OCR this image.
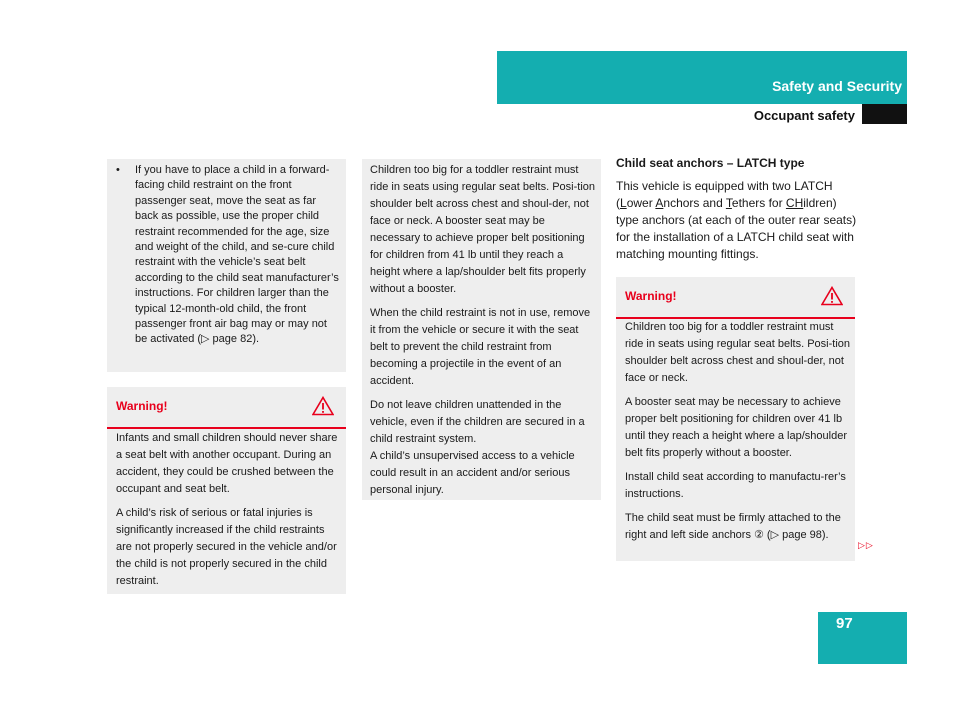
Safety and Security
Occupant safety
• If you have to place a child in a forward-facing child restraint on the front passenger seat, move the seat as far back as possible, use the proper child restraint recommended for the age, size and weight of the child, and se-cure child restraint with the vehicle’s seat belt according to the child seat manufacturer’s instructions. For children larger than the typical 12-month-old child, the front passenger front air bag may or may not be activated (▷ page 82).
Warning!

Infants and small children should never share a seat belt with another occupant. During an accident, they could be crushed between the occupant and seat belt.

A child’s risk of serious or fatal injuries is significantly increased if the child restraints are not properly secured in the vehicle and/or the child is not properly secured in the child restraint.

Children too big for a toddler restraint must ride in seats using regular seat belts. Posi-tion shoulder belt across chest and shoul-der, not face or neck. A booster seat may be necessary to achieve proper belt positioning for children from 41 lb until they reach a height where a lap/shoulder belt fits properly without a booster.

When the child restraint is not in use, remove it from the vehicle or secure it with the seat belt to prevent the child restraint from becoming a projectile in the event of an accident.

Do not leave children unattended in the vehicle, even if the children are secured in a child restraint system.

A child’s unsupervised access to a vehicle could result in an accident and/or serious personal injury.

Child seat anchors – LATCH type
This vehicle is equipped with two LATCH (Lower Anchors and Tethers for CHildren) type anchors (at each of the outer rear seats) for the installation of a LATCH child seat with matching mounting fittings.
Warning!

Children too big for a toddler restraint must ride in seats using regular seat belts. Posi-tion shoulder belt across chest and shoul-der, not face or neck.

A booster seat may be necessary to achieve proper belt positioning for children over 41 lb until they reach a height where a lap/shoulder belt fits properly without a booster.

Install child seat according to manufactu-rer’s instructions.

The child seat must be firmly attached to the right and left side anchors ② (▷ page 98).

▷▷
97
